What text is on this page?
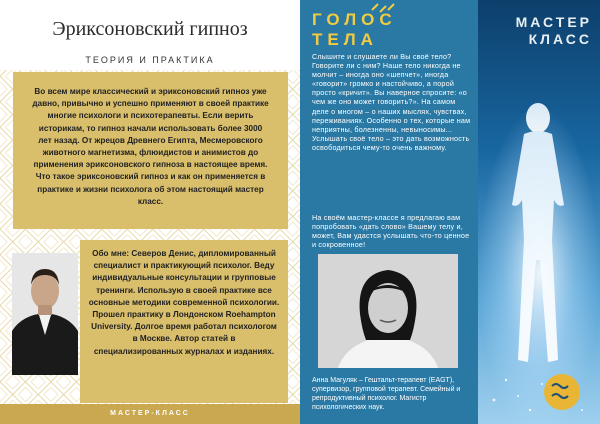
Эриксоновский гипноз
ТЕОРИЯ И ПРАКТИКА
Во всем мире классический и эриксоновский гипноз уже давно, привычно и успешно применяют в своей практике многие психологи и психотерапевты. Если верить историкам, то гипноз начали использовать более 3000 лет назад. От жрецов Древнего Египта, Месмеровского животного магнетизма, флюидистов и анимистов до применения эриксоновского гипноза в настоящее время. Что такое эриксоновский гипноз и как он применяется в практике и жизни психолога об этом настоящий мастер класс.
Обо мне: Северов Денис, дипломированный специалист и практикующий психолог. Веду индивидуальные консультации и групповые тренинги. Использую в своей практике все основные методики современной психологии. Прошел практику в Лондонском Roehampton University. Долгое время работал психологом в Москве. Автор статей в специализированных журналах и изданиях.
МАСТЕР-КЛАСС
ГОЛОС
ТЕЛА
Слышите и слушаете ли Вы своё тело? Говорите ли с ним? Наше тело никогда не молчит – иногда оно «шепчет», иногда «говорит» громко и настойчиво, а порой просто «кричит». Вы наверное спросите: «о чем же оно может говорить?». На самом деле о многом – о наших мыслях, чувствах, переживаниях. Особенно о тех, которые нам неприятны, болезненны, невыносимы... Услышать своё тело – это дать возможность освободиться чему-то очень важному.
На своём мастер-классе я предлагаю вам попробовать «дать слово» Вашему телу и, может, Вам удастся услышать что-то ценное и сокровенное!
Анна Магуляк – Гештальт-терапевт (EAGT), супервизор, групповой терапевт. Семейный и репродуктивный психолог. Магистр психологических наук.
МАСТЕР
КЛАСС
